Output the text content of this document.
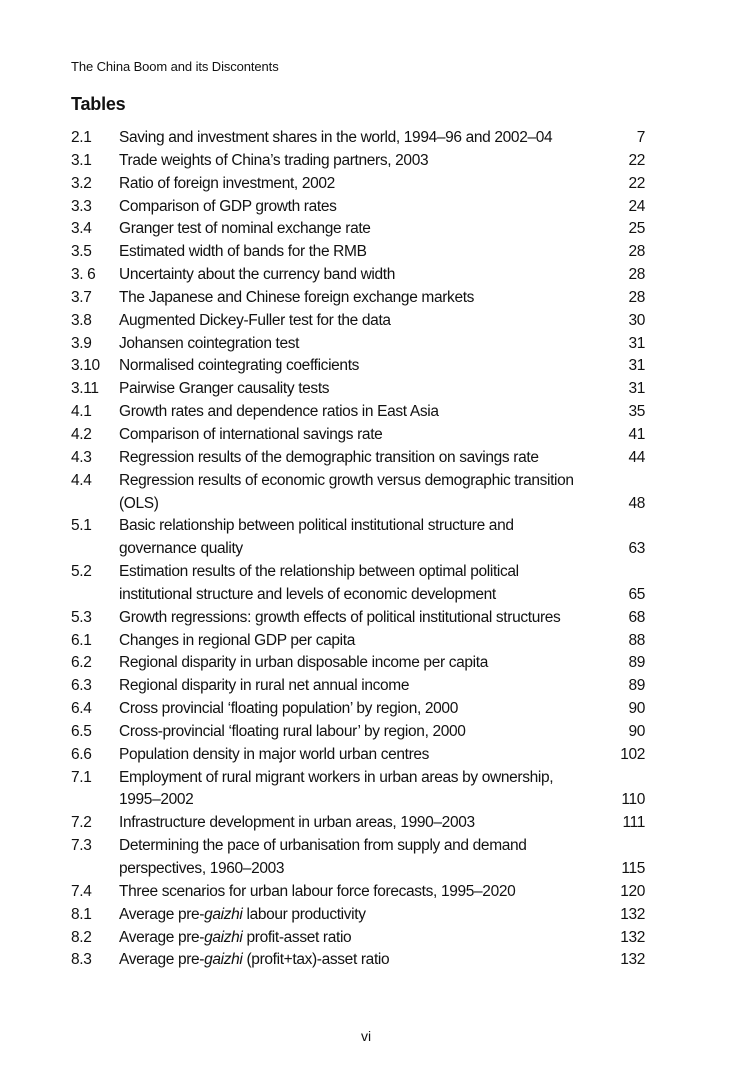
The China Boom and its Discontents
Tables
2.1	Saving and investment shares in the world, 1994–96 and 2002–04	7
3.1	Trade weights of China’s trading partners, 2003	22
3.2	Ratio of foreign investment, 2002	22
3.3	Comparison of GDP growth rates	24
3.4	Granger test of nominal exchange rate	25
3.5	Estimated width of bands for the RMB	28
3. 6	Uncertainty about the currency band width	28
3.7	The Japanese and Chinese foreign exchange markets	28
3.8	Augmented Dickey-Fuller test for the data	30
3.9	Johansen cointegration test	31
3.10	Normalised cointegrating coefficients	31
3.11	Pairwise Granger causality tests	31
4.1	Growth rates and dependence ratios in East Asia	35
4.2	Comparison of international savings rate	41
4.3	Regression results of the demographic transition on savings rate	44
4.4	Regression results of economic growth versus demographic transition (OLS)	48
5.1	Basic relationship between political institutional structure and governance quality	63
5.2	Estimation results of the relationship between optimal political institutional structure and levels of economic development	65
5.3	Growth regressions: growth effects of political institutional structures	68
6.1	Changes in regional GDP per capita	88
6.2	Regional disparity in urban disposable income per capita	89
6.3	Regional disparity in rural net annual income	89
6.4	Cross provincial ‘floating population’ by region, 2000	90
6.5	Cross-provincial ‘floating rural labour’ by region, 2000	90
6.6	Population density in major world urban centres	102
7.1	Employment of rural migrant workers in urban areas by ownership, 1995–2002	110
7.2	Infrastructure development in urban areas, 1990–2003	111
7.3	Determining the pace of urbanisation from supply and demand perspectives, 1960–2003	115
7.4	Three scenarios for urban labour force forecasts, 1995–2020	120
8.1	Average pre-gaizhi labour productivity	132
8.2	Average pre-gaizhi profit-asset ratio	132
8.3	Average pre-gaizhi (profit+tax)-asset ratio	132
vi
